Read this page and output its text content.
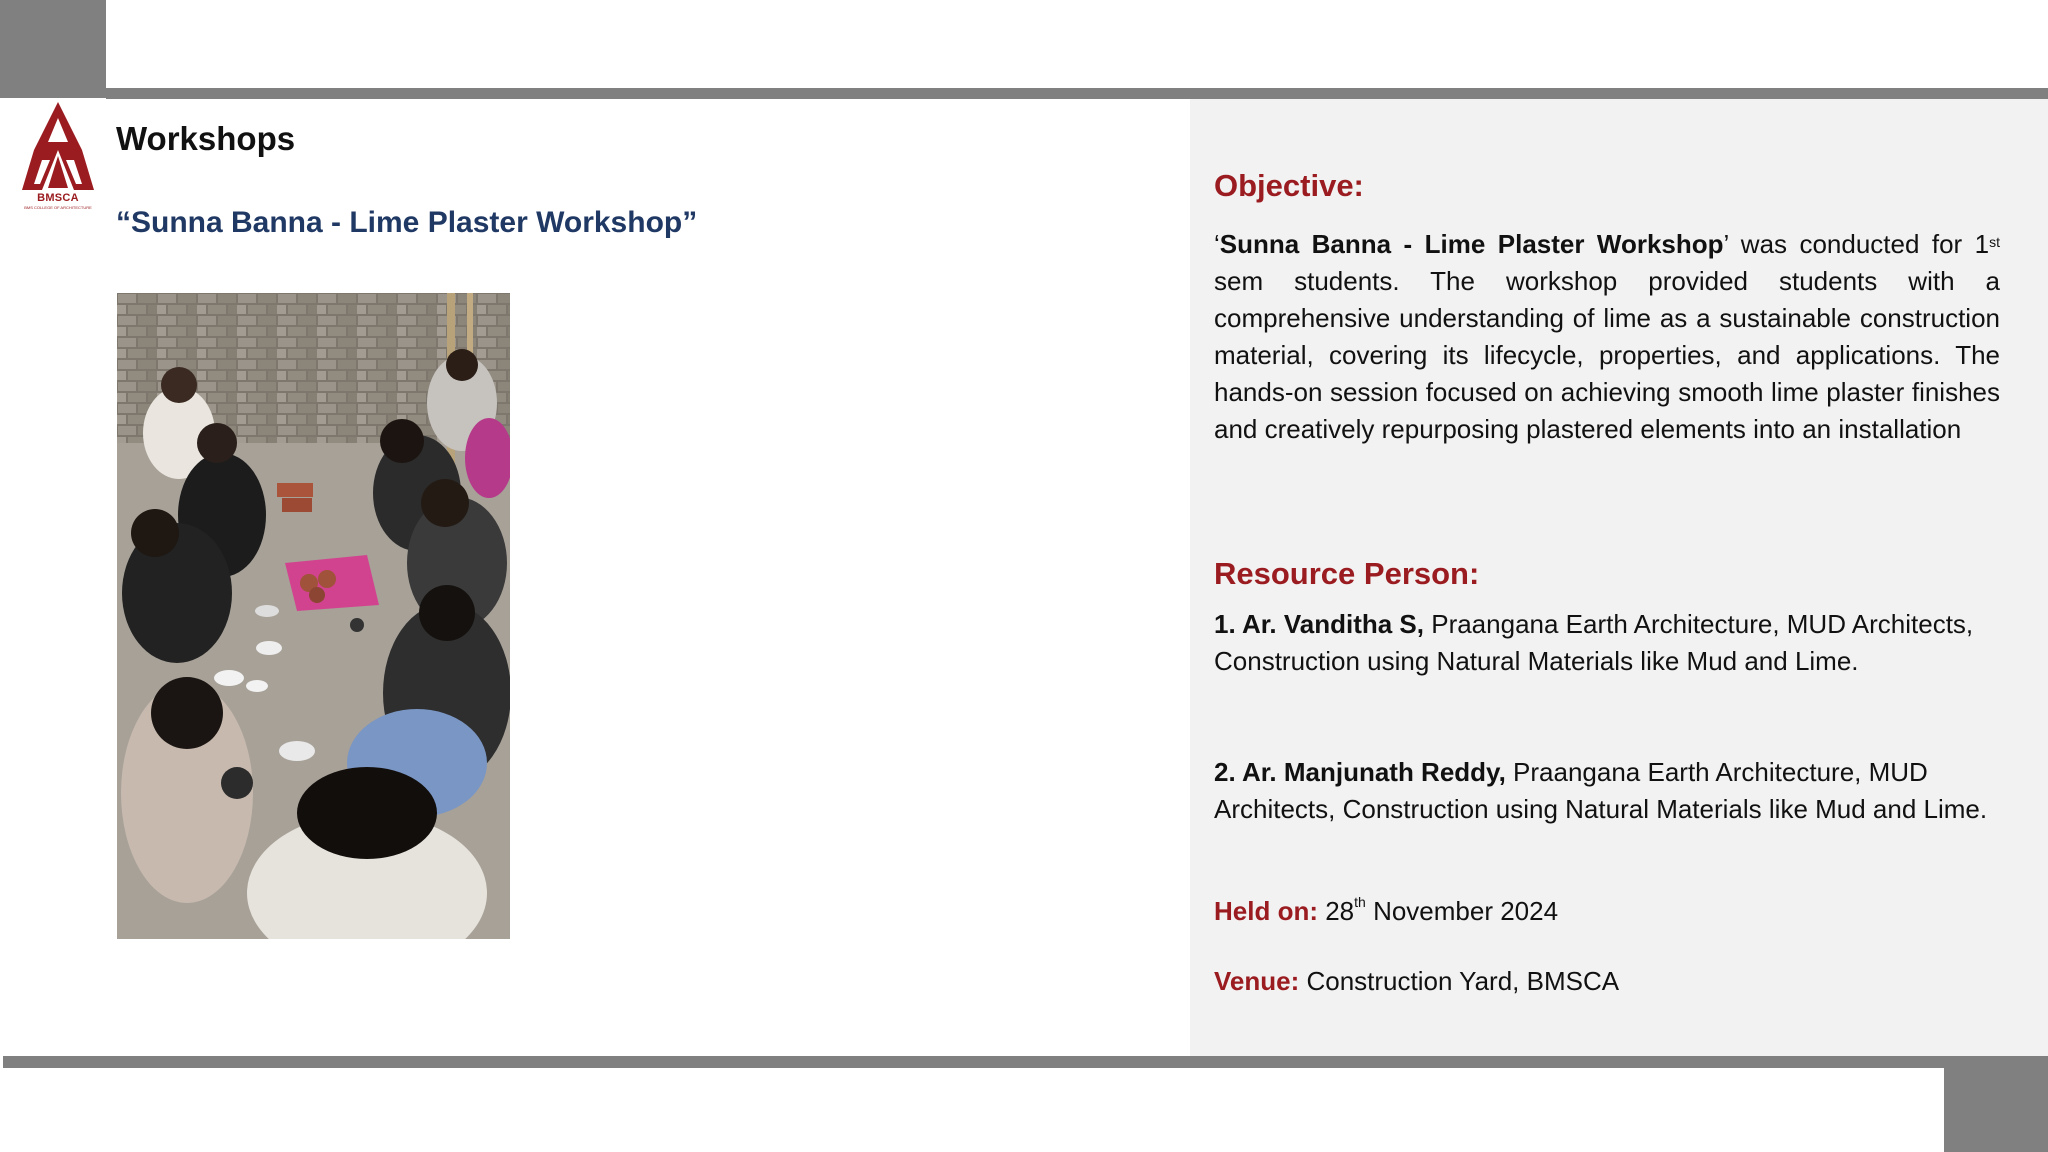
BMSCA
BMS COLLEGE OF ARCHITECTURE
Workshops
“Sunna Banna - Lime Plaster Workshop”
Objective:
‘Sunna Banna - Lime Plaster Workshop’ was conducted for 1st sem students. The workshop provided students with a comprehensive understanding of lime as a sustainable construction material, covering its lifecycle, properties, and applications. The hands-on session focused on achieving smooth lime plaster finishes and creatively repurposing plastered elements into an installation
Resource Person:
1. Ar. Vanditha S, Praangana Earth Architecture, MUD Architects, Construction using Natural Materials like Mud and Lime.
2. Ar. Manjunath Reddy, Praangana Earth Architecture, MUD Architects, Construction using Natural Materials like Mud and Lime.
Held on: 28th November 2024
Venue: Construction Yard, BMSCA
